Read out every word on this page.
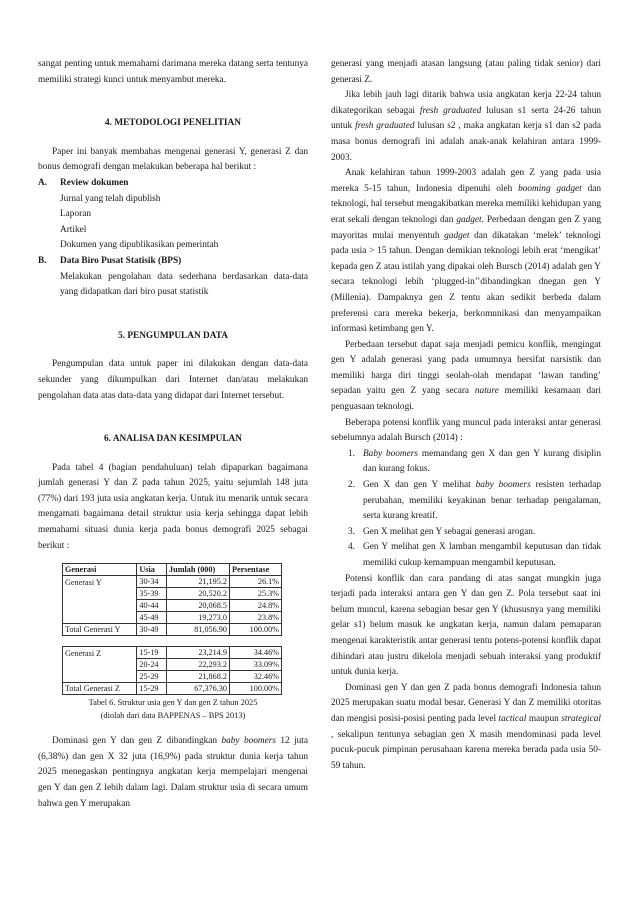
sangat penting untuk memahami darimana mereka datang serta tentunya memiliki strategi kunci untuk menyambut mereka.

4. METODOLOGI PENELITIAN

Paper ini banyak membahas mengenai generasi Y, generasi Z dan bonus demografi dengan melakukan beberapa hal berikut :

A.	Review dokumen

Jurnal yang telah dipublish

Laporan

Artikel

Dokumen yang dipublikasikan pemerintah

B.	Data Biro Pusat Statisik (BPS)

Melakukan pengolahan data sederhana berdasarkan data-data yang didapatkan dari biro pusat statistik

5. PENGUMPULAN DATA

Pengumpulan data untuk paper ini dilakukan dengan data-data sekunder yang dikumpulkan dari Internet dan/atau melakukan pengolahan data atas data-data yang didapat dari Internet tersebut.

6. ANALISA DAN KESIMPULAN

Pada tabel 4 (bagian pendahuluan) telah dipaparkan bagaimana jumlah generasi Y dan Z pada tahun 2025, yaitu sejumlah 148 juta (77%) dari 193 juta usia angkatan kerja. Untuk itu menarik untuk secara mengamati bagaimana detail struktur usia kerja sehingga dapat lebih memahami situasi dunia kerja pada bonus demografi 2025 sebagai berikut :

Generasi	Usia	Jumlah (000)	Persentase
Generasi Y	30-34	21,195.2	26.1%
	35-39	20,520.2	25.3%
	40-44	20,068.5	24.8%
	45-49	19,273.0	23.8%
Total Generasi Y	30-49	81,056.90	100.00%

Generasi Z	15-19	23,214.9	34.46%
	20-24	22,293.2	33.09%
	25-29	21,868.2	32.46%
Total Generasi Z	15-29	67,376.30	100.00%

Tabel 6. Struktur usia gen Y dan gen Z tahun 2025

(diolah dari data BAPPENAS – BPS 2013)

Dominasi gen Y dan gen Z dibandingkan baby boomers 12 juta (6,38%) dan gen X 32 juta (16,9%) pada struktur dunia kerja tahun 2025 menegaskan pentingnya angkatan kerja mempelajari mengenai gen Y dan gen Z lebih dalam lagi. Dalam struktur usia di secara umum bahwa gen Y merupakan

generasi yang menjadi atasan langsung (atau paling tidak senior) dari generasi Z.

Jika lebih jauh lagi ditarik bahwa usia angkatan kerja 22-24 tahun dikategorikan sebagai fresh graduated lulusan s1 serta 24-26 tahun untuk fresh graduated lulusan s2 , maka angkatan kerja s1 dan s2 pada masa bonus demografi ini adalah anak-anak kelahiran antara 1999-2003.

Anak kelahiran tahun 1999-2003 adalah gen Z yang pada usia mereka 5-15 tahun, Indonesia dipenuhi oleh booming gadget dan teknologi, hal tersebut mengakibatkan mereka memiliki kehidupan yang erat sekali dengan teknologi dan gadget. Perbedaan dengan gen Z yang mayoritas mulai menyentuh gadget dan dikatakan ‘melek’ teknologi pada usia > 15 tahun. Dengan demikian teknologi lebih erat ‘mengikat’ kepada gen Z atau istilah yang dipakai oleh Bursch (2014) adalah gen Y secara teknologi lebih ‘plugged-in’’dibandingkan dnegan gen Y (Millenia). Dampaknya gen Z tentu akan sedikit berbeda dalam preferensi cara mereka bekerja, berkomunikasi dan menyampaikan informasi ketimbang gen Y.

Perbedaan tersebut dapat saja menjadi pemicu konflik, mengingat gen Y adalah generasi yang pada umumnya bersifat narsistik dan memiliki harga diri tinggi seolah-olah mendapat ‘lawan tanding’ sepadan yaitu gen Z yang secara nature memiliki kesamaan dari penguasaan teknologi.

Beberapa potensi konflik yang muncul pada interaksi antar generasi sebelumnya adalah Bursch (2014) :

1. Baby boomers memandang gen X dan gen Y kurang disiplin dan kurang fokus.
2. Gen X dan gen Y melihat baby boomers resisten terhadap perubahan, memiliki keyakinan benar terhadap pengalaman, serta kurang kreatif.
3. Gen X melihat gen Y sebagai generasi arogan.
4. Gen Y melihat gen X lamban mengambil keputusan dan tidak memiliki cukup kemampuan mengambil keputusan.

Potensi konflik dan cara pandang di atas sangat mungkin juga terjadi pada interaksi antara gen Y dan gen Z. Pola tersebut saat ini belum muncul, karena sebagian besar gen Y (khususnya yang memiliki gelar s1) belum masuk ke angkatan kerja, namun dalam pemaparan mengenai karakteristik antar generasi tentu potens-potensi konflik dapat dihindari atau justru dikelola menjadi sebuah interaksi yang produktif untuk dunia kerja.

Dominasi gen Y dan gen Z pada bonus demografi Indonesia tahun 2025 merupakan suatu modal besar. Generasi Y dan Z memiliki otoritas dan mengisi posisi-posisi penting pada level tactical maupun strategical , sekalipun tentunya sebagian gen X masih mendominasi pada level pucuk-pucuk pimpinan perusahaan karena mereka berada pada usia 50-59 tahun.
